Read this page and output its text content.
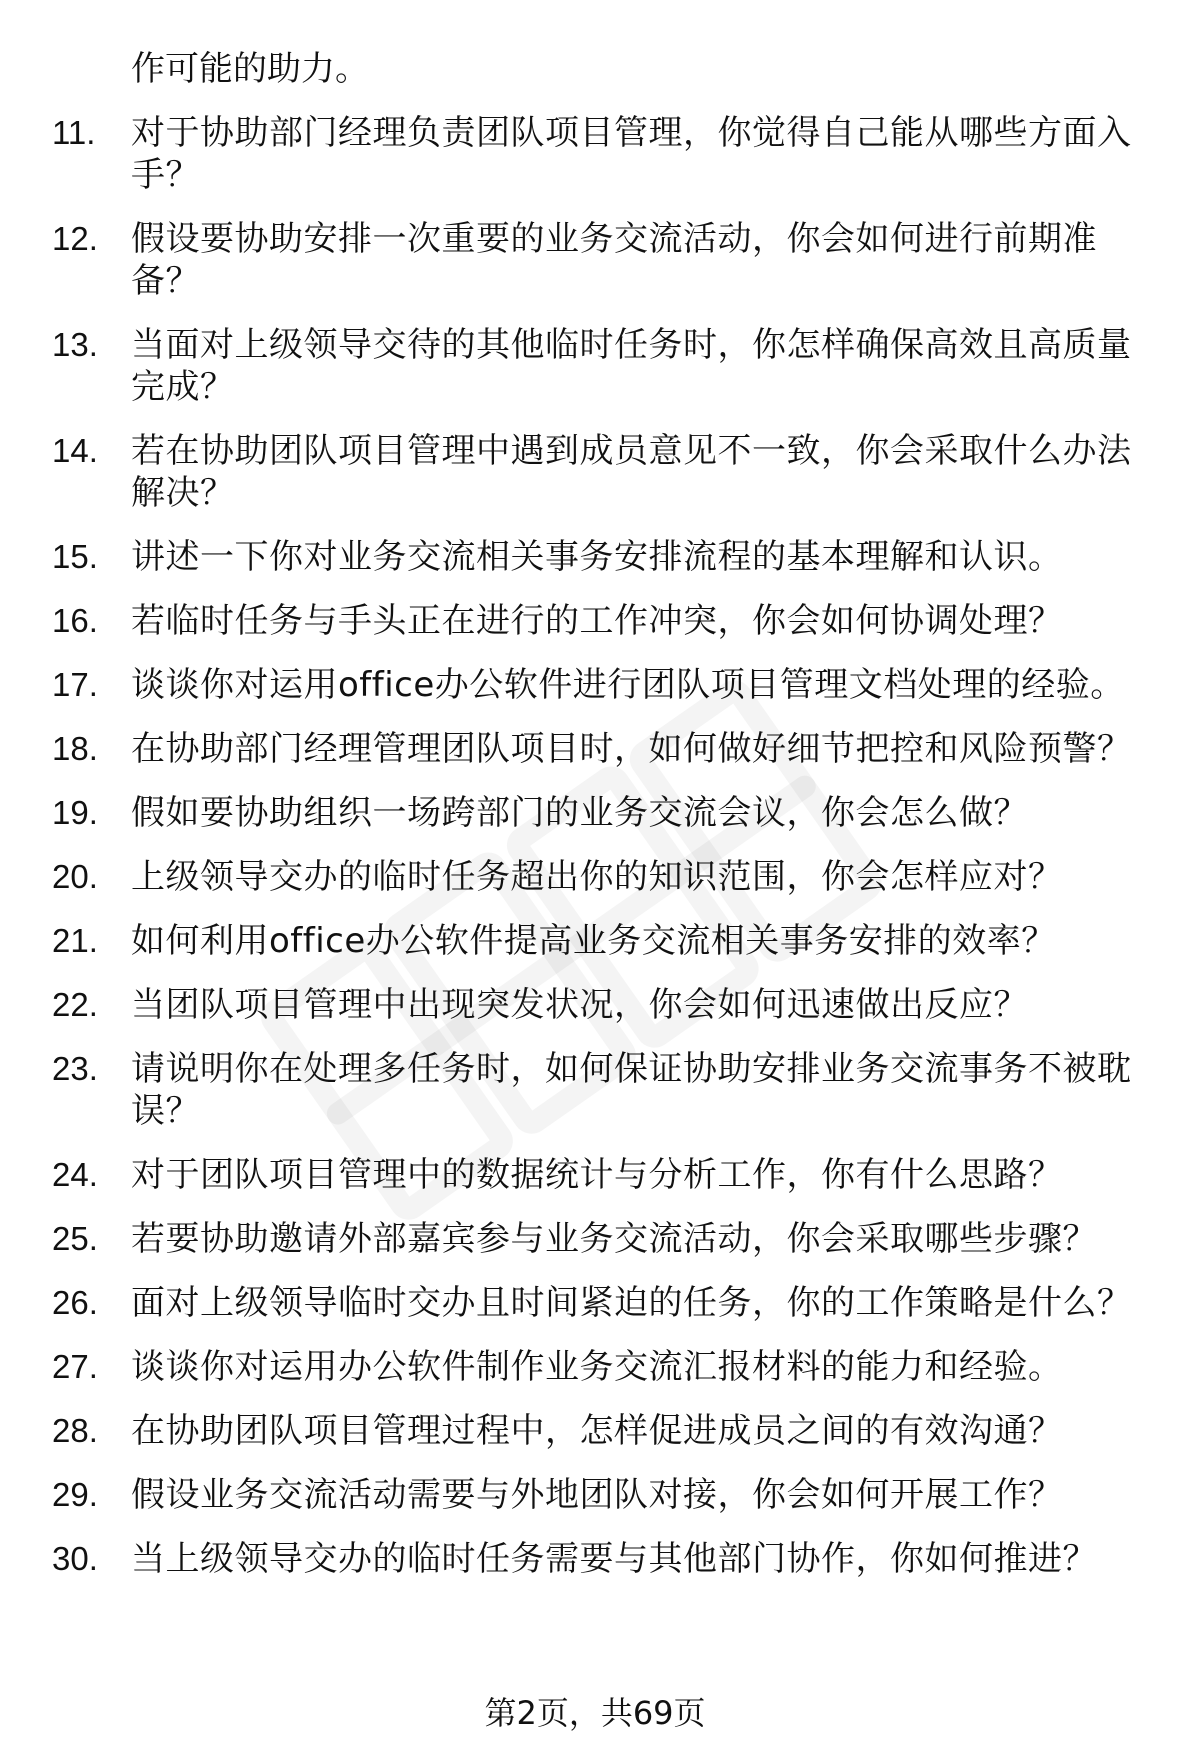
作可能的助力。
11.	对于协助部门经理负责团队项目管理，你觉得自己能从哪些方面入手？
12. 假设要协助安排一次重要的业务交流活动，你会如何进行前期准备？
13. 当面对上级领导交待的其他临时任务时，你怎样确保高效且高质量完成？
14. 若在协助团队项目管理中遇到成员意见不一致，你会采取什么办法解决？
15. 讲述一下你对业务交流相关事务安排流程的基本理解和认识。
16. 若临时任务与手头正在进行的工作冲突，你会如何协调处理？
17. 谈谈你对运用office办公软件进行团队项目管理文档处理的经验。
18. 在协助部门经理管理团队项目时，如何做好细节把控和风险预警？
19. 假如要协助组织一场跨部门的业务交流会议，你会怎么做？
20. 上级领导交办的临时任务超出你的知识范围，你会怎样应对？
21. 如何利用office办公软件提高业务交流相关事务安排的效率？
22. 当团队项目管理中出现突发状况，你会如何迅速做出反应？
23. 请说明你在处理多任务时，如何保证协助安排业务交流事务不被耽误？
24. 对于团队项目管理中的数据统计与分析工作，你有什么思路？
25. 若要协助邀请外部嘉宾参与业务交流活动，你会采取哪些步骤？
26. 面对上级领导临时交办且时间紧迫的任务，你的工作策略是什么？
27. 谈谈你对运用办公软件制作业务交流汇报材料的能力和经验。
28. 在协助团队项目管理过程中，怎样促进成员之间的有效沟通？
29. 假设业务交流活动需要与外地团队对接，你会如何开展工作？
30. 当上级领导交办的临时任务需要与其他部门协作，你如何推进？
第2页，共69页
